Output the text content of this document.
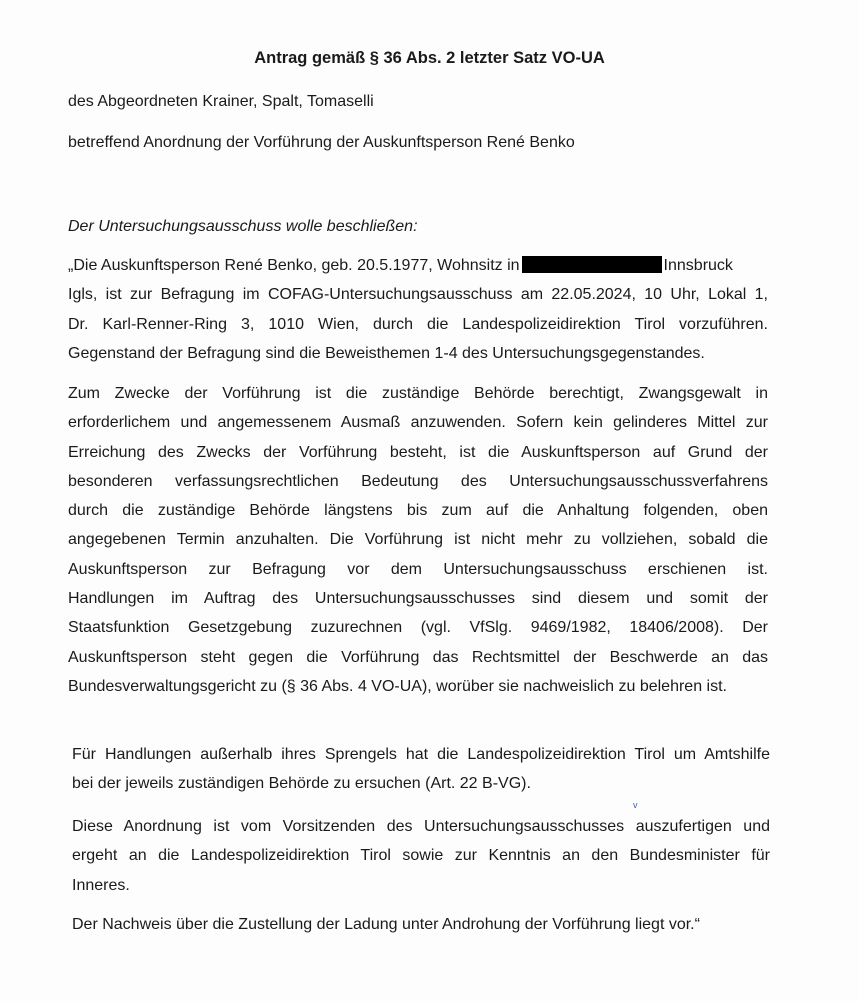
Antrag gemäß § 36 Abs. 2 letzter Satz VO-UA
des Abgeordneten Krainer, Spalt, Tomaselli
betreffend Anordnung der Vorführung der Auskunftsperson René Benko
Der Untersuchungsausschuss wolle beschließen:
„Die Auskunftsperson René Benko, geb. 20.5.1977, Wohnsitz in	Innsbruck
Igls, ist zur Befragung im COFAG-Untersuchungsausschuss am 22.05.2024, 10 Uhr, Lokal 1,
Dr. Karl-Renner-Ring 3, 1010 Wien, durch die Landespolizeidirektion Tirol vorzuführen.
Gegenstand der Befragung sind die Beweisthemen 1-4 des Untersuchungsgegenstandes.
Zum Zwecke der Vorführung ist die zuständige Behörde berechtigt, Zwangsgewalt in
erforderlichem und angemessenem Ausmaß anzuwenden. Sofern kein gelinderes Mittel zur
Erreichung des Zwecks der Vorführung besteht, ist die Auskunftsperson auf Grund der
besonderen verfassungsrechtlichen Bedeutung des Untersuchungsausschussverfahrens
durch die zuständige Behörde längstens bis zum auf die Anhaltung folgenden, oben
angegebenen Termin anzuhalten. Die Vorführung ist nicht mehr zu vollziehen, sobald die
Auskunftsperson zur Befragung vor dem Untersuchungsausschuss erschienen ist.
Handlungen im Auftrag des Untersuchungsausschusses sind diesem und somit der
Staatsfunktion Gesetzgebung zuzurechnen (vgl. VfSlg. 9469/1982, 18406/2008). Der
Auskunftsperson steht gegen die Vorführung das Rechtsmittel der Beschwerde an das
Bundesverwaltungsgericht zu (§ 36 Abs. 4 VO-UA), worüber sie nachweislich zu belehren ist.
Für Handlungen außerhalb ihres Sprengels hat die Landespolizeidirektion Tirol um Amtshilfe
bei der jeweils zuständigen Behörde zu ersuchen (Art. 22 B-VG).
v
Diese Anordnung ist vom Vorsitzenden des Untersuchungsausschusses auszufertigen und
ergeht an die Landespolizeidirektion Tirol sowie zur Kenntnis an den Bundesminister für
Inneres.
Der Nachweis über die Zustellung der Ladung unter Androhung der Vorführung liegt vor.“
